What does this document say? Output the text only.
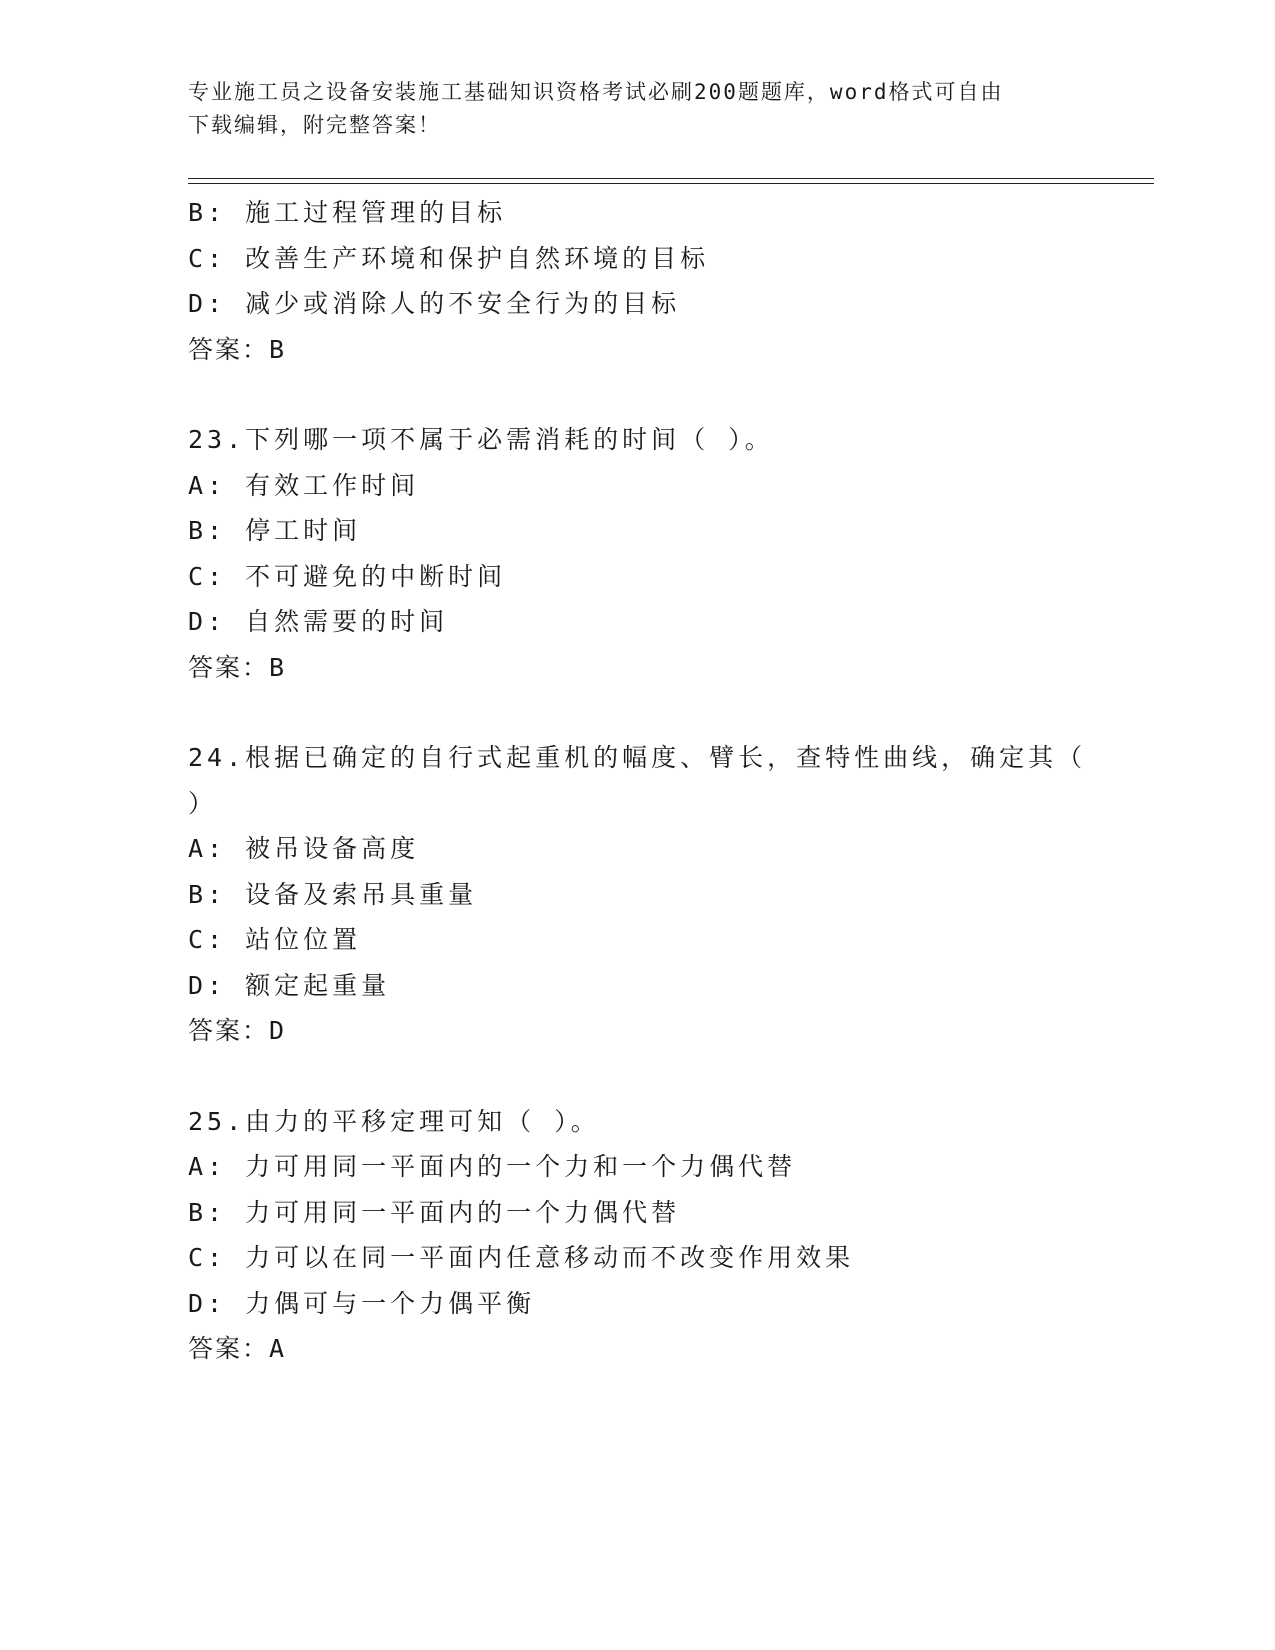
专业施工员之设备安装施工基础知识资格考试必刷200题题库，word格式可自由
下载编辑，附完整答案！
B: 施工过程管理的目标
C: 改善生产环境和保护自然环境的目标
D: 减少或消除人的不安全行为的目标
答案：B
23.下列哪一项不属于必需消耗的时间（ ）。
A: 有效工作时间
B: 停工时间
C: 不可避免的中断时间
D: 自然需要的时间
答案：B
24.根据已确定的自行式起重机的幅度、臂长，查特性曲线，确定其（
）
A: 被吊设备高度
B: 设备及索吊具重量
C: 站位位置
D: 额定起重量
答案：D
25.由力的平移定理可知（ ）。
A: 力可用同一平面内的一个力和一个力偶代替
B: 力可用同一平面内的一个力偶代替
C: 力可以在同一平面内任意移动而不改变作用效果
D: 力偶可与一个力偶平衡
答案：A
